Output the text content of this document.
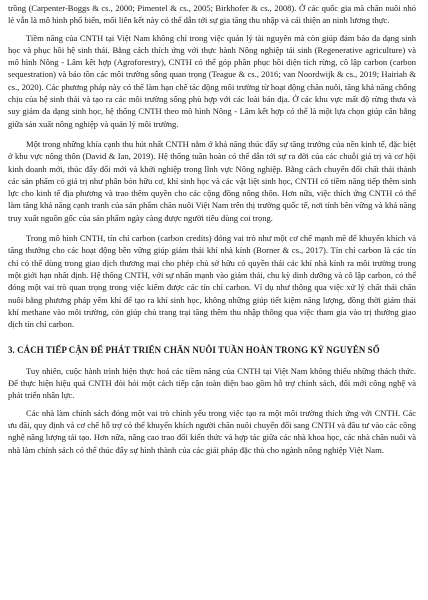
trồng (Carpenter-Boggs & cs., 2000; Pimentel & cs., 2005; Birkhofer & cs., 2008). Ở các quốc gia mà chăn nuôi nhỏ lẻ vẫn là mô hình phổ biến, mối liên kết này có thể dẫn tới sự gia tăng thu nhập và cải thiện an ninh lương thực.

Tiềm năng của CNTH tại Việt Nam không chỉ trong việc quản lý tài nguyên mà còn giúp đảm bảo đa dạng sinh học và phục hồi hệ sinh thái. Bằng cách thích ứng với thực hành Nông nghiệp tái sinh (Regenerative agriculture) và mô hình Nông - Lâm kết hợp (Agroforestry), CNTH có thể góp phần phục hồi diện tích rừng, cô lập carbon (carbon sequestration) và bảo tồn các môi trường sống quan trọng (Teague & cs., 2016; van Noordwijk & cs., 2019; Hairiah & cs., 2020). Các phương pháp này có thể làm hạn chế tác động môi trường từ hoạt động chăn nuôi, tăng khả năng chống chịu của hệ sinh thái và tạo ra các môi trường sống phù hợp với các loài bản địa. Ở các khu vực mất độ rừng thưa và suy giảm đa dạng sinh học, hệ thống CNTH theo mô hình Nông - Lâm kết hợp có thể là một lựa chọn giúp cân bằng giữa sản xuất nông nghiệp và quản lý môi trường.

Một trong những khía cạnh thu hút nhất CNTH nằm ở khả năng thúc đẩy sự tăng trưởng của nền kinh tế, đặc biệt ở khu vực nông thôn (David & Ian, 2019). Hệ thống tuần hoàn có thể dẫn tới sự ra đời của các chuỗi giá trị và cơ hội kinh doanh mới, thúc đẩy đổi mới và khởi nghiệp trong lĩnh vực Nông nghiệp. Bằng cách chuyển đổi chất thải thành các sản phẩm có giá trị như phân bón hữu cơ, khí sinh học và các vật liệt sinh học, CNTH có tiềm năng tiếp thêm sinh lực cho kinh tế địa phương và trao thêm quyền cho các cộng đồng nông thôn. Hơn nữa, việc thích ứng CNTH có thể làm tăng khả năng cạnh tranh của sản phẩm chăn nuôi Việt Nam trên thị trường quốc tế, nơi tính bền vững và khả năng truy xuất nguồn gốc của sản phẩm ngày càng được người tiêu dùng coi trọng.

Trong mô hình CNTH, tín chỉ carbon (carbon credits) đóng vai trò như một cơ chế mạnh mẽ để khuyến khích và tăng thưởng cho các hoạt động bền vững giúp giảm thải khí nhà kính (Borner & cs., 2017). Tín chỉ carbon là các tín chỉ có thể dùng trong giao dịch thương mại cho phép chủ sở hữu có quyền thải các khí nhà kính ra môi trường trong một giới hạn nhất định. Hệ thống CNTH, với sự nhấn mạnh vào giảm thải, chu kỳ dinh dưỡng và cô lập carbon, có thể đóng một vai trò quan trọng trong việc kiếm được các tín chỉ carbon. Ví dụ như thông qua việc xử lý chất thải chăn nuôi bằng phương pháp yếm khí để tạo ra khí sinh học, không những giúp tiết kiệm năng lượng, đồng thời giảm thải khí methane vào môi trường, còn giúp chủ trang trại tăng thêm thu nhập thông qua việc tham gia vào trị thường giao dịch tín chỉ carbon.

3. CÁCH TIẾP CẬN ĐỂ PHÁT TRIỂN CHĂN NUÔI TUẦN HOÀN TRONG KỶ NGUYÊN SỐ

Tuy nhiên, cuộc hành trình hiện thực hoá các tiềm năng của CNTH tại Việt Nam không thiếu những thách thức. Để thực hiện hiệu quả CNTH đòi hỏi một cách tiếp cận toàn diện bao gồm hỗ trợ chính sách, đổi mới công nghệ và phát triển nhân lực.

Các nhà làm chính sách đóng một vai trò chính yếu trong việc tạo ra một môi trường thích ứng với CNTH. Các ưu đãi, quy định và cơ chế hỗ trợ có thể khuyến khích người chăn nuôi chuyển đổi sang CNTH và đầu tư vào các công nghệ năng lượng tái tạo. Hơn nữa, nâng cao trao đổi kiến thức và hợp tác giữa các nhà khoa học, các nhà chăn nuôi và nhà làm chính sách có thể thúc đẩy sự hình thành của các giải pháp đặc thù cho ngành nông nghiệp Việt Nam.
